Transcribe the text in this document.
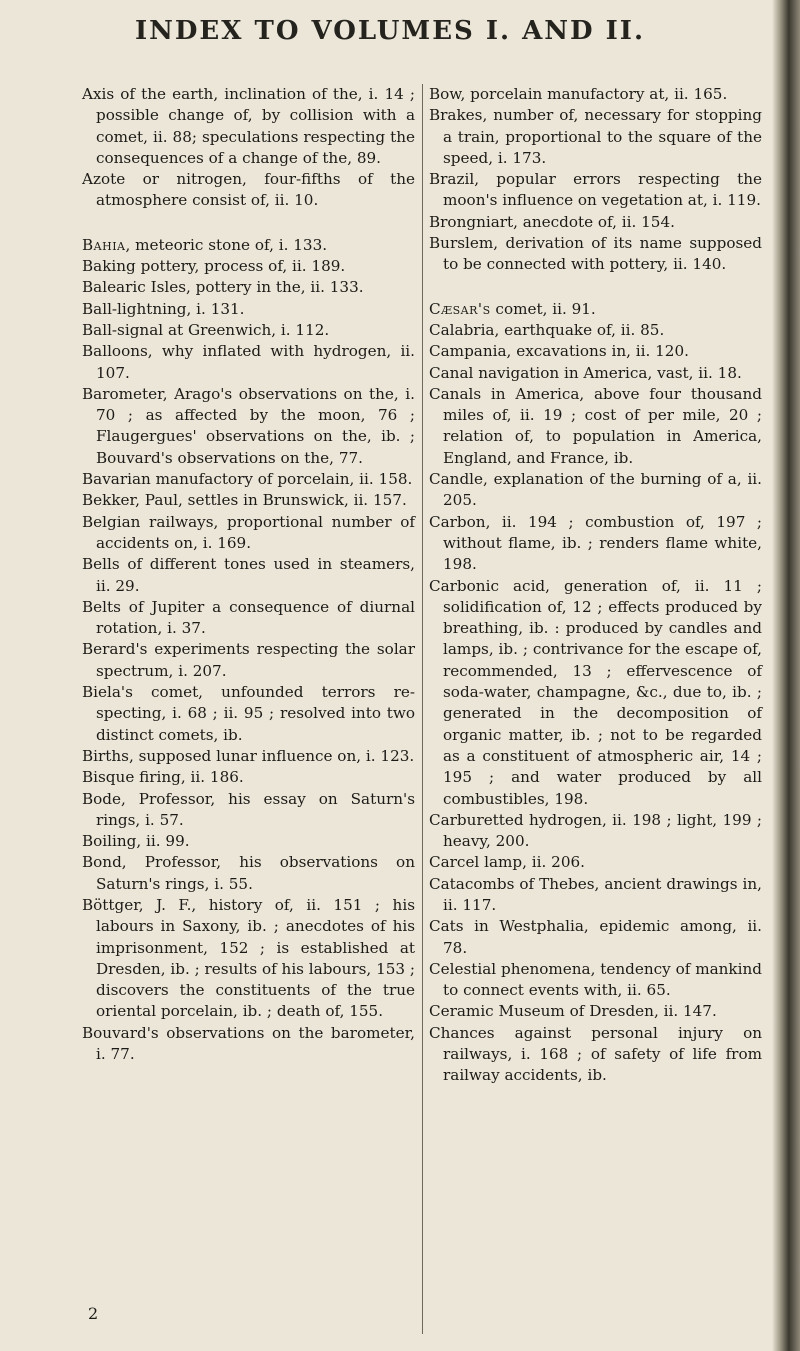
INDEX TO VOLUMES I. AND II.

Axis of the earth, inclination of the, i. 14 ; possible change of, by collision with a comet, ii. 88; speculations respecting the consequences of a change of the, 89.

Azote or nitrogen, four-fifths of the atmosphere consist of, ii. 10.

Bahia, meteoric stone of, i. 133.

Baking pottery, process of, ii. 189.

Balearic Isles, pottery in the, ii. 133.

Ball-lightning, i. 131.

Ball-signal at Greenwich, i. 112.

Balloons, why inflated with hydrogen, ii. 107.

Barometer, Arago's observations on the, i. 70 ; as affected by the moon, 76 ; Flaugergues' observations on the, ib. ; Bouvard's observations on the, 77.

Bavarian manufactory of porcelain, ii. 158.

Bekker, Paul, settles in Brunswick, ii. 157.

Belgian railways, proportional number of accidents on, i. 169.

Bells of different tones used in steamers, ii. 29.

Belts of Jupiter a consequence of diurnal rotation, i. 37.

Berard's experiments respecting the solar spectrum, i. 207.

Biela's comet, unfounded terrors respecting, i. 68 ; ii. 95 ; resolved into two distinct comets, ib.

Births, supposed lunar influence on, i. 123.

Bisque firing, ii. 186.

Bode, Professor, his essay on Saturn's rings, i. 57.

Boiling, ii. 99.

Bond, Professor, his observations on Saturn's rings, i. 55.

Böttger, J. F., history of, ii. 151 ; his labours in Saxony, ib. ; anecdotes of his imprisonment, 152 ; is established at Dresden, ib. ; results of his labours, 153 ; discovers the constituents of the true oriental porcelain, ib. ; death of, 155.

Bouvard's observations on the barometer, i. 77.

Bow, porcelain manufactory at, ii. 165.

Brakes, number of, necessary for stopping a train, proportional to the square of the speed, i. 173.

Brazil, popular errors respecting the moon's influence on vegetation at, i. 119.

Brongniart, anecdote of, ii. 154.

Burslem, derivation of its name supposed to be connected with pottery, ii. 140.

Cæsar's comet, ii. 91.

Calabria, earthquake of, ii. 85.

Campania, excavations in, ii. 120.

Canal navigation in America, vast, ii. 18.

Canals in America, above four thousand miles of, ii. 19 ; cost of per mile, 20 ; relation of, to population in America, England, and France, ib.

Candle, explanation of the burning of a, ii. 205.

Carbon, ii. 194 ; combustion of, 197 ; without flame, ib. ; renders flame white, 198.

Carbonic acid, generation of, ii. 11 ; solidification of, 12 ; effects produced by breathing, ib. : produced by candles and lamps, ib. ; contrivance for the escape of, recommended, 13 ; effervescence of soda-water, champagne, &c., due to, ib. ; generated in the decomposition of organic matter, ib. ; not to be regarded as a constituent of atmospheric air, 14 ; 195 ; and water produced by all combustibles, 198.

Carburetted hydrogen, ii. 198 ; light, 199 ; heavy, 200.

Carcel lamp, ii. 206.

Catacombs of Thebes, ancient drawings in, ii. 117.

Cats in Westphalia, epidemic among, ii. 78.

Celestial phenomena, tendency of mankind to connect events with, ii. 65.

Ceramic Museum of Dresden, ii. 147.

Chances against personal injury on railways, i. 168 ; of safety of life from railway accidents, ib.

2
